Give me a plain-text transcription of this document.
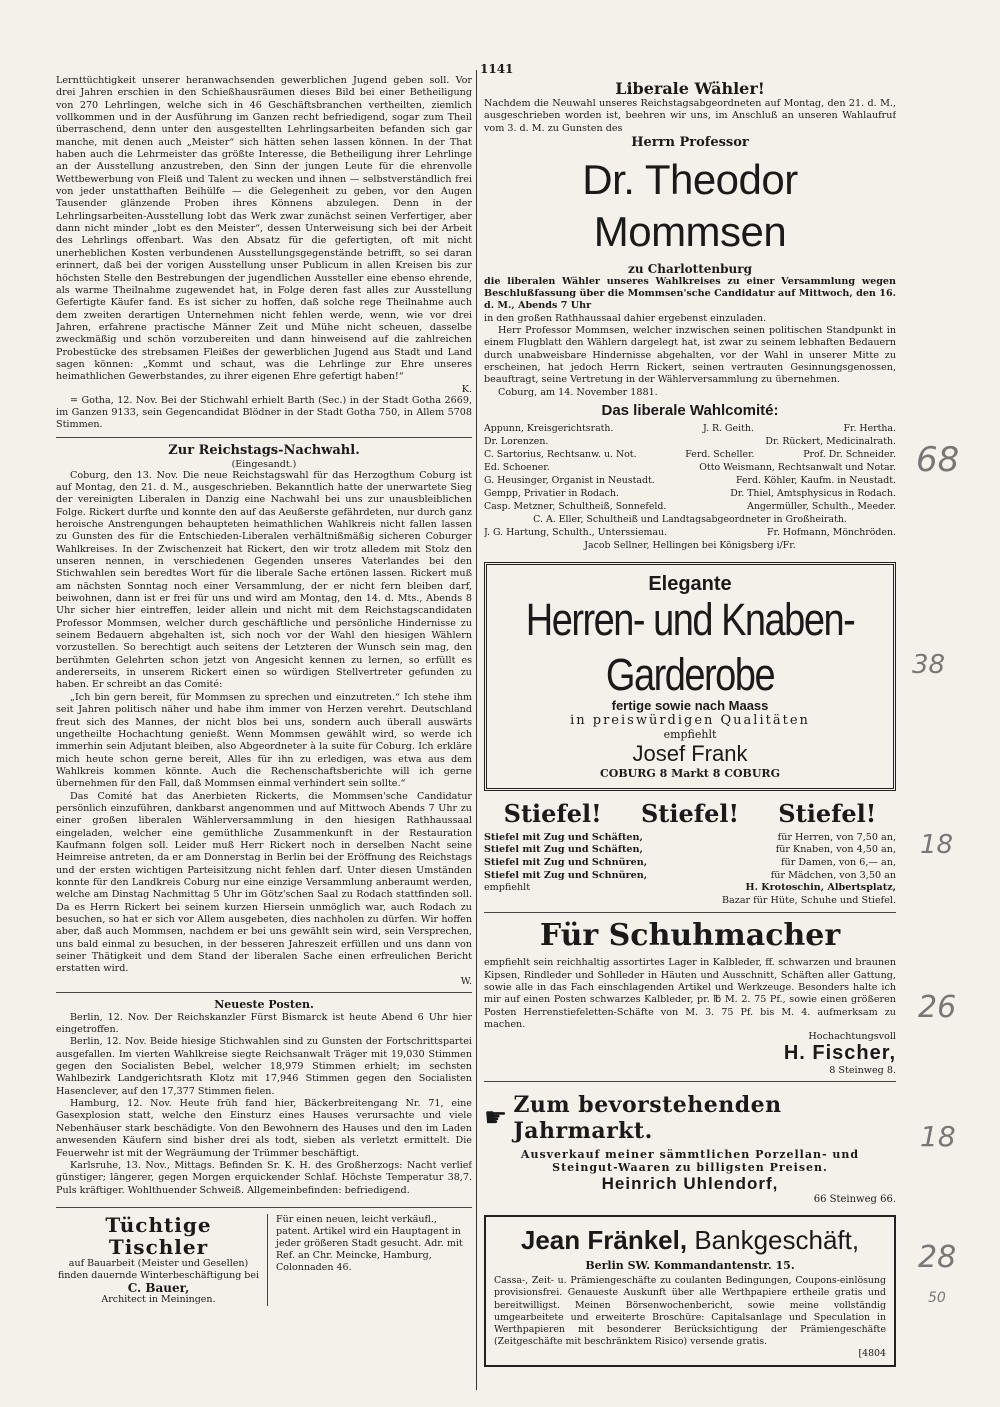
1141

Lernttüchtigkeit unserer heranwachsenden gewerblichen Jugend geben soll. Vor drei Jahren erschien in den Schießhausräumen dieses Bild bei einer Betheiligung von 270 Lehrlingen, welche sich in 46 Geschäftsbranchen vertheilten, ziemlich vollkommen und in der Ausführung im Ganzen recht befriedigend, sogar zum Theil überraschend, denn unter den ausgestellten Lehrlingsarbeiten befanden sich gar manche, mit denen auch „Meister“ sich hätten sehen lassen können. In der That haben auch die Lehrmeister das größte Interesse, die Betheiligung ihrer Lehrlinge an der Ausstellung anzustreben, den Sinn der jungen Leute für die ehrenvolle Wettbewerbung von Fleiß und Talent zu wecken und ihnen — selbstverständlich frei von jeder unstatthaften Beihülfe — die Gelegenheit zu geben, vor den Augen Tausender glänzende Proben ihres Könnens abzulegen. Denn in der Lehrlingsarbeiten-Ausstellung lobt das Werk zwar zunächst seinen Verfertiger, aber dann nicht minder „lobt es den Meister“, dessen Unterweisung sich bei der Arbeit des Lehrlings offenbart. Was den Absatz für die gefertigten, oft mit nicht unerheblichen Kosten verbundenen Ausstellungsgegenstände betrifft, so sei daran erinnert, daß bei der vorigen Ausstellung unser Publicum in allen Kreisen bis zur höchsten Stelle den Bestrebungen der jugendlichen Aussteller eine ebenso ehrende, als warme Theilnahme zugewendet hat, in Folge deren fast alles zur Ausstellung Gefertigte Käufer fand. Es ist sicher zu hoffen, daß solche rege Theilnahme auch dem zweiten derartigen Unternehmen nicht fehlen werde, wenn, wie vor drei Jahren, erfahrene practische Männer Zeit und Mühe nicht scheuen, dasselbe zweckmäßig und schön vorzubereiten und dann hinweisend auf die zahlreichen Probestücke des strebsamen Fleißes der gewerblichen Jugend aus Stadt und Land sagen können: „Kommt und schaut, was die Lehrlinge zur Ehre unseres heimathlichen Gewerbstandes, zu ihrer eigenen Ehre gefertigt haben!“

K.

= Gotha, 12. Nov. Bei der Stichwahl erhielt Barth (Sec.) in der Stadt Gotha 2669, im Ganzen 9133, sein Gegencandidat Blödner in der Stadt Gotha 750, in Allem 5708 Stimmen.

Zur Reichstags-Nachwahl.
(Eingesandt.)

Coburg, den 13. Nov. Die neue Reichstagswahl für das Herzogthum Coburg ist auf Montag, den 21. d. M., ausgeschrieben. Bekanntlich hatte der unerwartete Sieg der vereinigten Liberalen in Danzig eine Nachwahl bei uns zur unausbleiblichen Folge. Rickert durfte und konnte den auf das Aeußerste gefährdeten, nur durch ganz heroische Anstrengungen behaupteten heimathlichen Wahlkreis nicht fallen lassen zu Gunsten des für die Entschieden-Liberalen verhältnißmäßig sicheren Coburger Wahlkreises. In der Zwischenzeit hat Rickert, den wir trotz alledem mit Stolz den unseren nennen, in verschiedenen Gegenden unseres Vaterlandes bei den Stichwahlen sein beredtes Wort für die liberale Sache ertönen lassen. Rickert muß am nächsten Sonntag noch einer Versammlung, der er nicht fern bleiben darf, beiwohnen, dann ist er frei für uns und wird am Montag, den 14. d. Mts., Abends 8 Uhr sicher hier eintreffen, leider allein und nicht mit dem Reichstagscandidaten Professor Mommsen, welcher durch geschäftliche und persönliche Hindernisse zu seinem Bedauern abgehalten ist, sich noch vor der Wahl den hiesigen Wählern vorzustellen. So berechtigt auch seitens der Letzteren der Wunsch sein mag, den berühmten Gelehrten schon jetzt von Angesicht kennen zu lernen, so erfüllt es andererseits, in unserem Rickert einen so würdigen Stellvertreter gefunden zu haben. Er schreibt an das Comité:

„Ich bin gern bereit, für Mommsen zu sprechen und einzutreten.“ Ich stehe ihm seit Jahren politisch näher und habe ihm immer von Herzen verehrt. Deutschland freut sich des Mannes, der nicht blos bei uns, sondern auch überall auswärts ungetheilte Hochachtung genießt. Wenn Mommsen gewählt wird, so werde ich immerhin sein Adjutant bleiben, also Abgeordneter à la suite für Coburg. Ich erkläre mich heute schon gerne bereit, Alles für ihn zu erledigen, was etwa aus dem Wahlkreis kommen könnte. Auch die Rechenschaftsberichte will ich gerne übernehmen für den Fall, daß Mommsen einmal verhindert sein sollte.“

Das Comité hat das Anerbieten Rickerts, die Mommsen'sche Candidatur persönlich einzuführen, dankbarst angenommen und auf Mittwoch Abends 7 Uhr zu einer großen liberalen Wählerversammlung in den hiesigen Rathhaussaal eingeladen, welcher eine gemüthliche Zusammenkunft in der Restauration Kaufmann folgen soll. Leider muß Herr Rickert noch in derselben Nacht seine Heimreise antreten, da er am Donnerstag in Berlin bei der Eröffnung des Reichstags und der ersten wichtigen Parteisitzung nicht fehlen darf. Unter diesen Umständen konnte für den Landkreis Coburg nur eine einzige Versammlung anberaumt werden, welche am Dinstag Nachmittag 5 Uhr im Götz'schen Saal zu Rodach stattfinden soll. Da es Herrn Rickert bei seinem kurzen Hiersein unmöglich war, auch Rodach zu besuchen, so hat er sich vor Allem ausgebeten, dies nachholen zu dürfen. Wir hoffen aber, daß auch Mommsen, nachdem er bei uns gewählt sein wird, sein Versprechen, uns bald einmal zu besuchen, in der besseren Jahreszeit erfüllen und uns dann von seiner Thätigkeit und dem Stand der liberalen Sache einen erfreulichen Bericht erstatten wird.

W.
Neueste Posten.

Berlin, 12. Nov. Der Reichskanzler Fürst Bismarck ist heute Abend 6 Uhr hier eingetroffen.

Berlin, 12. Nov. Beide hiesige Stichwahlen sind zu Gunsten der Fortschrittspartei ausgefallen. Im vierten Wahlkreise siegte Reichsanwalt Träger mit 19,030 Stimmen gegen den Socialisten Bebel, welcher 18,979 Stimmen erhielt; im sechsten Wahlbezirk Landgerichtsrath Klotz mit 17,946 Stimmen gegen den Socialisten Hasenclever, auf den 17,377 Stimmen fielen.

Hamburg, 12. Nov. Heute früh fand hier, Bäckerbreitengang Nr. 71, eine Gasexplosion statt, welche den Einsturz eines Hauses verursachte und viele Nebenhäuser stark beschädigte. Von den Bewohnern des Hauses und den im Laden anwesenden Käufern sind bisher drei als todt, sieben als verletzt ermittelt. Die Feuerwehr ist mit der Wegräumung der Trümmer beschäftigt.

Karlsruhe, 13. Nov., Mittags. Befinden Sr. K. H. des Großherzogs: Nacht verlief günstiger; längerer, gegen Morgen erquickender Schlaf. Höchste Temperatur 38,7. Puls kräftiger. Wohlthuender Schweiß. Allgemeinbefinden: befriedigend.

Tüchtige Tischler
auf Bauarbeit (Meister und Gesellen) finden dauernde Winterbeschäftigung bei
C. Bauer,
Architect in Meiningen.
Für einen neuen, leicht verkäufl., patent. Artikel wird ein Hauptagent in jeder größeren Stadt gesucht. Adr. mit Ref. an Chr. Meincke, Hamburg, Colonnaden 46.
Liberale Wähler!

Nachdem die Neuwahl unseres Reichstagsabgeordneten auf Montag, den 21. d. M., ausgeschrieben worden ist, beehren wir uns, im Anschluß an unseren Wahlaufruf vom 3. d. M. zu Gunsten des

Herrn Professor
Dr. Theodor Mommsen
zu Charlottenburg

die liberalen Wähler unseres Wahlkreises zu einer Versammlung wegen Beschlußfassung über die Mommsen'sche Candidatur auf Mittwoch, den 16. d. M., Abends 7 Uhr

in den großen Rathhaussaal dahier ergebenst einzuladen.

Herr Professor Mommsen, welcher inzwischen seinen politischen Standpunkt in einem Flugblatt den Wählern dargelegt hat, ist zwar zu seinem lebhaften Bedauern durch unabweisbare Hindernisse abgehalten, vor der Wahl in unserer Mitte zu erscheinen, hat jedoch Herrn Rickert, seinen vertrauten Gesinnungsgenossen, beauftragt, seine Vertretung in der Wählerversammlung zu übernehmen.

Coburg, am 14. November 1881.

Das liberale Wahlcomité:
Appunn, Kreisgerichtsrath.	J. R. Geith.	Fr. Hertha.
Dr. Lorenzen.	Dr. Rückert, Medicinalrath.
C. Sartorius, Rechtsanw. u. Not.	Ferd. Scheller.	Prof. Dr. Schneider.
Ed. Schoener.	Otto Weismann, Rechtsanwalt und Notar.
G. Heusinger, Organist in Neustadt.	Ferd. Köhler, Kaufm. in Neustadt.
Gempp, Privatier in Rodach.	Dr. Thiel, Amtsphysicus in Rodach.
Casp. Metzner, Schultheiß, Sonnefeld.	Angermüller, Schulth., Meeder.
C. A. Eller, Schultheiß und Landtagsabgeordneter in Großheirath.
J. G. Hartung, Schulth., Unterssiemau.	Fr. Hofmann, Mönchröden.
Jacob Sellner, Hellingen bei Königsberg i/Fr.
Elegante
Herren- und Knaben-Garderobe
fertige sowie nach Maass
in preiswürdigen Qualitäten
empfiehlt
Josef Frank
COBURG 8 Markt 8 COBURG
Stiefel! Stiefel! Stiefel!
Stiefel mit Zug und Schäften,	für Herren, von 7,50 an,
Stiefel mit Zug und Schäften,	für Knaben, von 4,50 an,
Stiefel mit Zug und Schnüren,	für Damen, von 6,— an,
Stiefel mit Zug und Schnüren,	für Mädchen, von 3,50 an
empfiehlt	H. Krotoschin, Albertsplatz,
Bazar für Hüte, Schuhe und Stiefel.
Für Schuhmacher

empfiehlt sein reichhaltig assortirtes Lager in Kalbleder, ff. schwarzen und braunen Kipsen, Rindleder und Sohlleder in Häuten und Ausschnitt, Schäften aller Gattung, sowie alle in das Fach einschlagenden Artikel und Werkzeuge. Besonders halte ich mir auf einen Posten schwarzes Kalbleder, pr. ℔ M. 2. 75 Pf., sowie einen größeren Posten Herrenstiefeletten-Schäfte von M. 3. 75 Pf. bis M. 4. aufmerksam zu machen.

Hochachtungsvoll
H. Fischer,
8 Steinweg 8.
☛ Zum bevorstehenden Jahrmarkt.
Ausverkauf meiner sämmtlichen Porzellan- und
Steingut-Waaren zu billigsten Preisen.
Heinrich Uhlendorf,
66 Steinweg 66.
Jean Fränkel, Bankgeschäft,
Berlin SW. Kommandantenstr. 15.

Cassa-, Zeit- u. Prämiengeschäfte zu coulanten Bedingungen, Coupons-einlösung provisionsfrei. Genaueste Auskunft über alle Werthpapiere ertheile gratis und bereitwilligst. Meinen Börsenwochenbericht, sowie meine vollständig umgearbeitete und erweiterte Broschüre: Capitalsanlage und Speculation in Werthpapieren mit besonderer Berücksichtigung der Prämiengeschäfte (Zeitgeschäfte mit beschränktem Risico) versende gratis.

[4804
68
38
18
26
18
28
50
